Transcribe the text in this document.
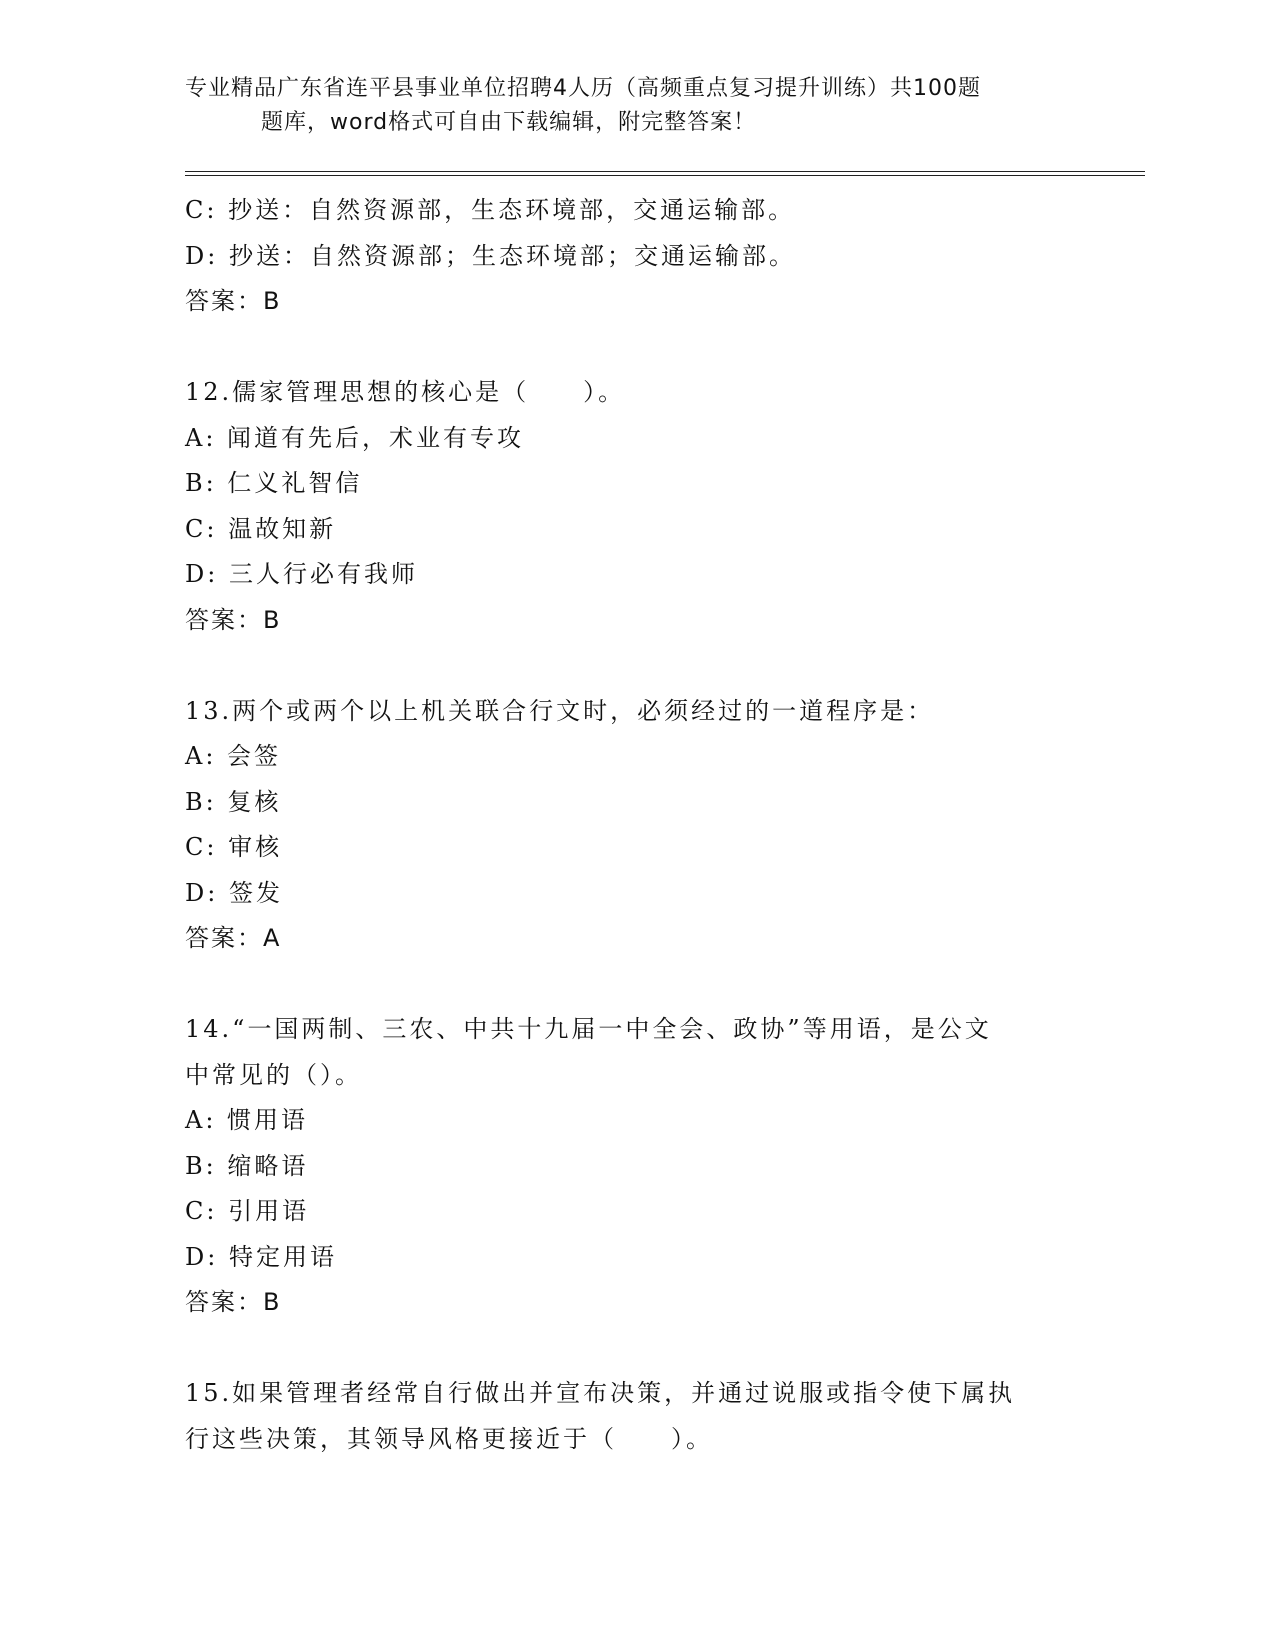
专业精品广东省连平县事业单位招聘4人历（高频重点复习提升训练）共100题
题库，word格式可自由下载编辑，附完整答案！

C: 抄送：自然资源部，生态环境部，交通运输部。

D: 抄送：自然资源部；生态环境部；交通运输部。

答案：B

12.儒家管理思想的核心是（　　）。

A: 闻道有先后，术业有专攻

B: 仁义礼智信

C: 温故知新

D: 三人行必有我师

答案：B

13.两个或两个以上机关联合行文时，必须经过的一道程序是：

A: 会签

B: 复核

C: 审核

D: 签发

答案：A

14.“一国两制、三农、中共十九届一中全会、政协”等用语，是公文

中常见的（）。

A: 惯用语

B: 缩略语

C: 引用语

D: 特定用语

答案：B

15.如果管理者经常自行做出并宣布决策，并通过说服或指令使下属执

行这些决策，其领导风格更接近于（　　）。
